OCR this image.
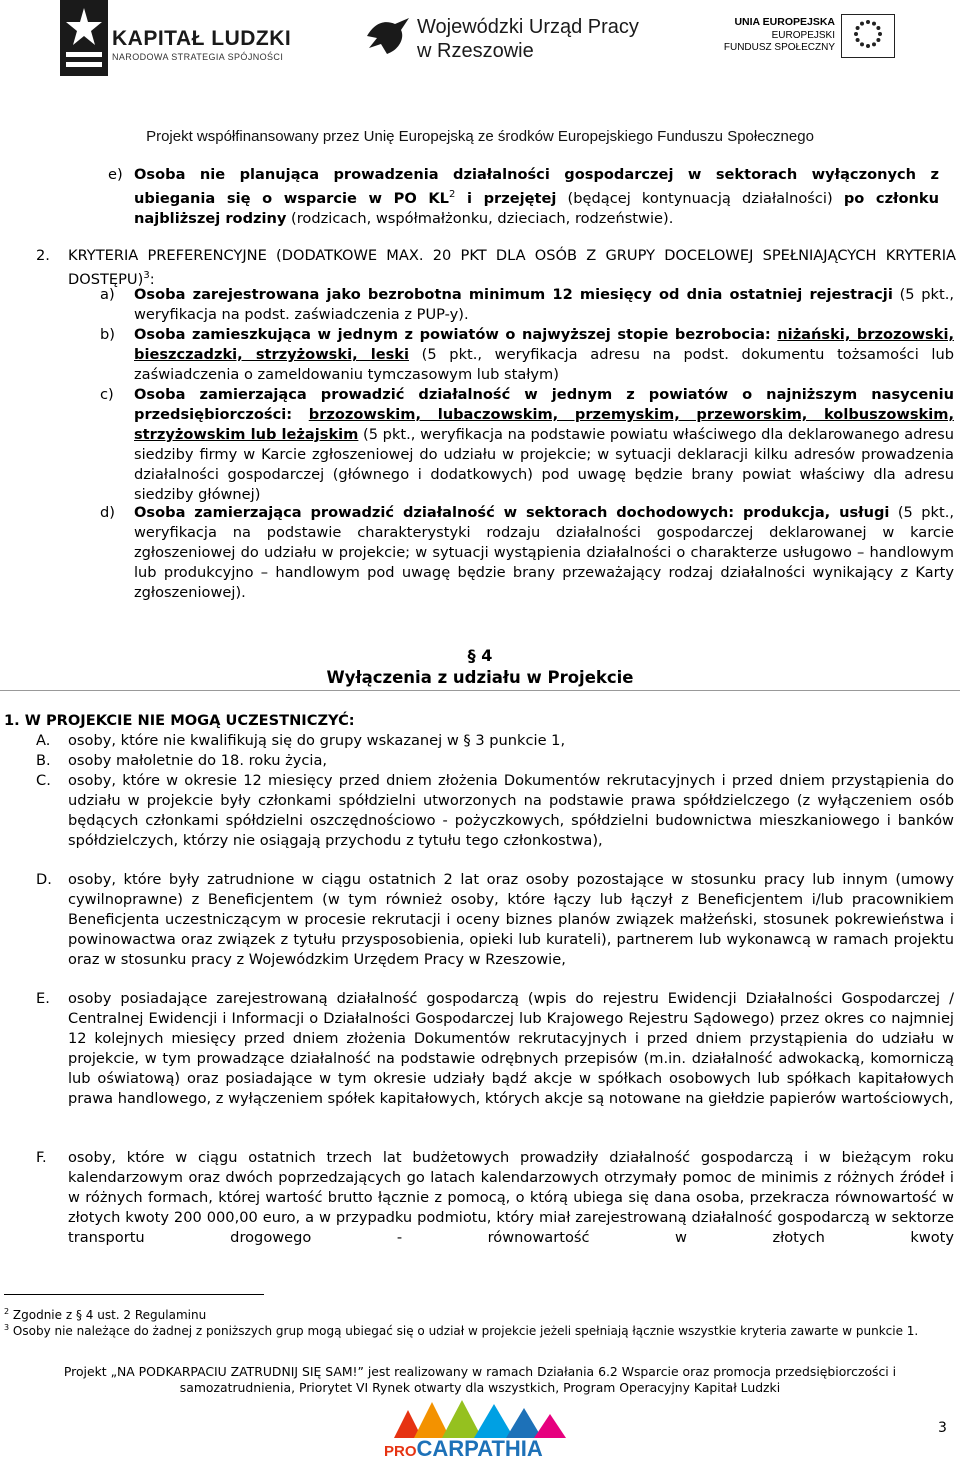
KAPITAŁ LUDZKI
NARODOWA STRATEGIA SPÓJNOŚCI
Wojewódzki Urząd Pracy
w Rzeszowie
UNIA EUROPEJSKA
EUROPEJSKI
FUNDUSZ SPOŁECZNY
Projekt współfinansowany przez Unię Europejską ze środków Europejskiego Funduszu Społecznego
e) Osoba nie planująca prowadzenia działalności gospodarczej w sektorach wyłączonych z ubiegania się o wsparcie w PO $KL^2$ i przejętej (będącej kontynuacją działalności) po członku najbliższej rodziny (rodzicach, współmałżonku, dzieciach, rodzeństwie).
2. KRYTERIA PREFERENCYJNE (DODATKOWE MAX. 20 PKT DLA OSÓB Z GRUPY DOCELOWEJ SPEŁNIAJĄCYCH KRYTERIA DOSTĘPU)$^3$:
a) Osoba zarejestrowana jako bezrobotna minimum 12 miesięcy od dnia ostatniej rejestracji (5 pkt., weryfikacja na podst. zaświadczenia z PUP-y).
b) Osoba zamieszkująca w jednym z powiatów o najwyższej stopie bezrobocia: niżański, brzozowski, bieszczadzki, strzyżowski, leski (5 pkt., weryfikacja adresu na podst. dokumentu tożsamości lub zaświadczenia o zameldowaniu tymczasowym lub stałym)
c) Osoba zamierzająca prowadzić działalność w jednym z powiatów o najniższym nasyceniu przedsiębiorczości: brzozowskim, lubaczowskim, przemyskim, przeworskim, kolbuszowskim, strzyżowskim lub leżajskim (5 pkt., weryfikacja na podstawie powiatu właściwego dla deklarowanego adresu siedziby firmy w Karcie zgłoszeniowej do udziału w projekcie; w sytuacji deklaracji kilku adresów prowadzenia działalności gospodarczej (głównego i dodatkowych) pod uwagę będzie brany powiat właściwy dla adresu siedziby głównej)
d) Osoba zamierzająca prowadzić działalność w sektorach dochodowych: produkcja, usługi (5 pkt., weryfikacja na podstawie charakterystyki rodzaju działalności gospodarczej deklarowanej w karcie zgłoszeniowej do udziału w projekcie; w sytuacji wystąpienia działalności o charakterze usługowo – handlowym lub produkcyjno – handlowym pod uwagę będzie brany przeważający rodzaj działalności wynikający z Karty zgłoszeniowej).
§ 4
Wyłączenia z udziału w Projekcie
1. W PROJEKCIE NIE MOGĄ UCZESTNICZYĆ:
A. osoby, które nie kwalifikują się do grupy wskazanej w § 3 punkcie 1,
B. osoby małoletnie do 18. roku życia,
C. osoby, które w okresie 12 miesięcy przed dniem złożenia Dokumentów rekrutacyjnych i przed dniem przystąpienia do udziału w projekcie były członkami spółdzielni utworzonych na podstawie prawa spółdzielczego (z wyłączeniem osób będących członkami spółdzielni oszczędnościowo - pożyczkowych, spółdzielni budownictwa mieszkaniowego i banków spółdzielczych, którzy nie osiągają przychodu z tytułu tego członkostwa),
D. osoby, które były zatrudnione w ciągu ostatnich 2 lat oraz osoby pozostające w stosunku pracy lub innym (umowy cywilnoprawne) z Beneficjentem (w tym również osoby, które łączy lub łączył z Beneficjentem i/lub pracownikiem Beneficjenta uczestniczącym w procesie rekrutacji i oceny biznes planów związek małżeński, stosunek pokrewieństwa i powinowactwa oraz związek z tytułu przysposobienia, opieki lub kurateli), partnerem lub wykonawcą w ramach projektu oraz w stosunku pracy z Wojewódzkim Urzędem Pracy w Rzeszowie,
E. osoby posiadające zarejestrowaną działalność gospodarczą (wpis do rejestru Ewidencji Działalności Gospodarczej / Centralnej Ewidencji i Informacji o Działalności Gospodarczej lub Krajowego Rejestru Sądowego) przez okres co najmniej 12 kolejnych miesięcy przed dniem złożenia Dokumentów rekrutacyjnych i przed dniem przystąpienia do udziału w projekcie, w tym prowadzące działalność na podstawie odrębnych przepisów (m.in. działalność adwokacką, komorniczą lub oświatową) oraz posiadające w tym okresie udziały bądź akcje w spółkach osobowych lub spółkach kapitałowych prawa handlowego, z wyłączeniem spółek kapitałowych, których akcje są notowane na giełdzie papierów wartościowych,
F. osoby, które w ciągu ostatnich trzech lat budżetowych prowadziły działalność gospodarczą i w bieżącym roku kalendarzowym oraz dwóch poprzedzających go latach kalendarzowych otrzymały pomoc de minimis z różnych źródeł i w różnych formach, której wartość brutto łącznie z pomocą, o którą ubiega się dana osoba, przekracza równowartość w złotych kwoty 200 000,00 euro, a w przypadku podmiotu, który miał zarejestrowaną działalność gospodarczą w sektorze transportu drogowego - równowartość w złotych kwoty
$^2$ Zgodnie z § 4 ust. 2 Regulaminu
$^3$ Osoby nie należące do żadnej z poniższych grup mogą ubiegać się o udział w projekcie jeżeli spełniają łącznie wszystkie kryteria zawarte w punkcie 1.
Projekt „NA PODKARPACIU ZATRUDNIJ SIĘ SAM!” jest realizowany w ramach Działania 6.2 Wsparcie oraz promocja przedsiębiorczości i
samozatrudnienia, Priorytet VI Rynek otwarty dla wszystkich, Program Operacyjny Kapitał Ludzki
PROCARPATHIA
3
